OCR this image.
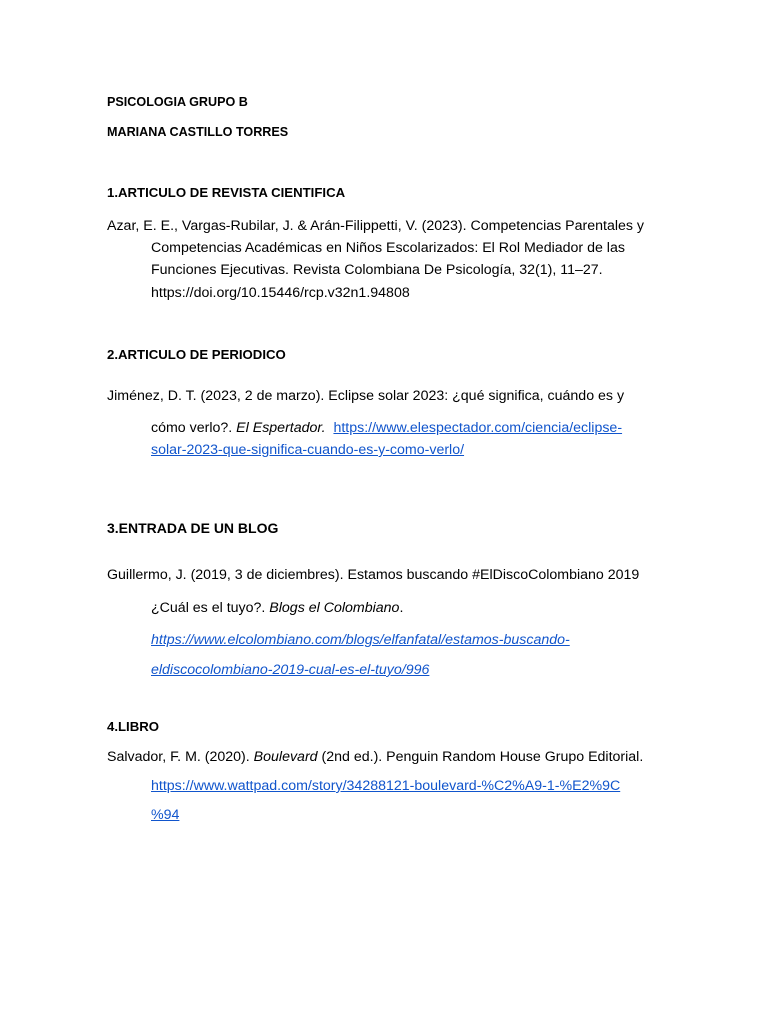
PSICOLOGIA GRUPO B
MARIANA CASTILLO TORRES
1.ARTICULO DE REVISTA CIENTIFICA
Azar, E. E., Vargas-Rubilar, J. & Arán-Filippetti, V. (2023). Competencias Parentales y
Competencias Académicas en Niños Escolarizados: El Rol Mediador de las
Funciones Ejecutivas. Revista Colombiana De Psicología, 32(1), 11–27.
https://doi.org/10.15446/rcp.v32n1.94808
2.ARTICULO DE PERIODICO
Jiménez, D. T. (2023, 2 de marzo). Eclipse solar 2023: ¿qué significa, cuándo es y
cómo verlo?. El Espertador. https://www.elespectador.com/ciencia/eclipse-
solar-2023-que-significa-cuando-es-y-como-verlo/
3.ENTRADA DE UN BLOG
Guillermo, J. (2019, 3 de diciembres). Estamos buscando #ElDiscoColombiano 2019
¿Cuál es el tuyo?. Blogs el Colombiano.
https://www.elcolombiano.com/blogs/elfanfatal/estamos-buscando-
eldiscocolombiano-2019-cual-es-el-tuyo/996
4.LIBRO
Salvador, F. M. (2020). Boulevard (2nd ed.). Penguin Random House Grupo Editorial.
https://www.wattpad.com/story/34288121-boulevard-%C2%A9-1-%E2%9C
%94
